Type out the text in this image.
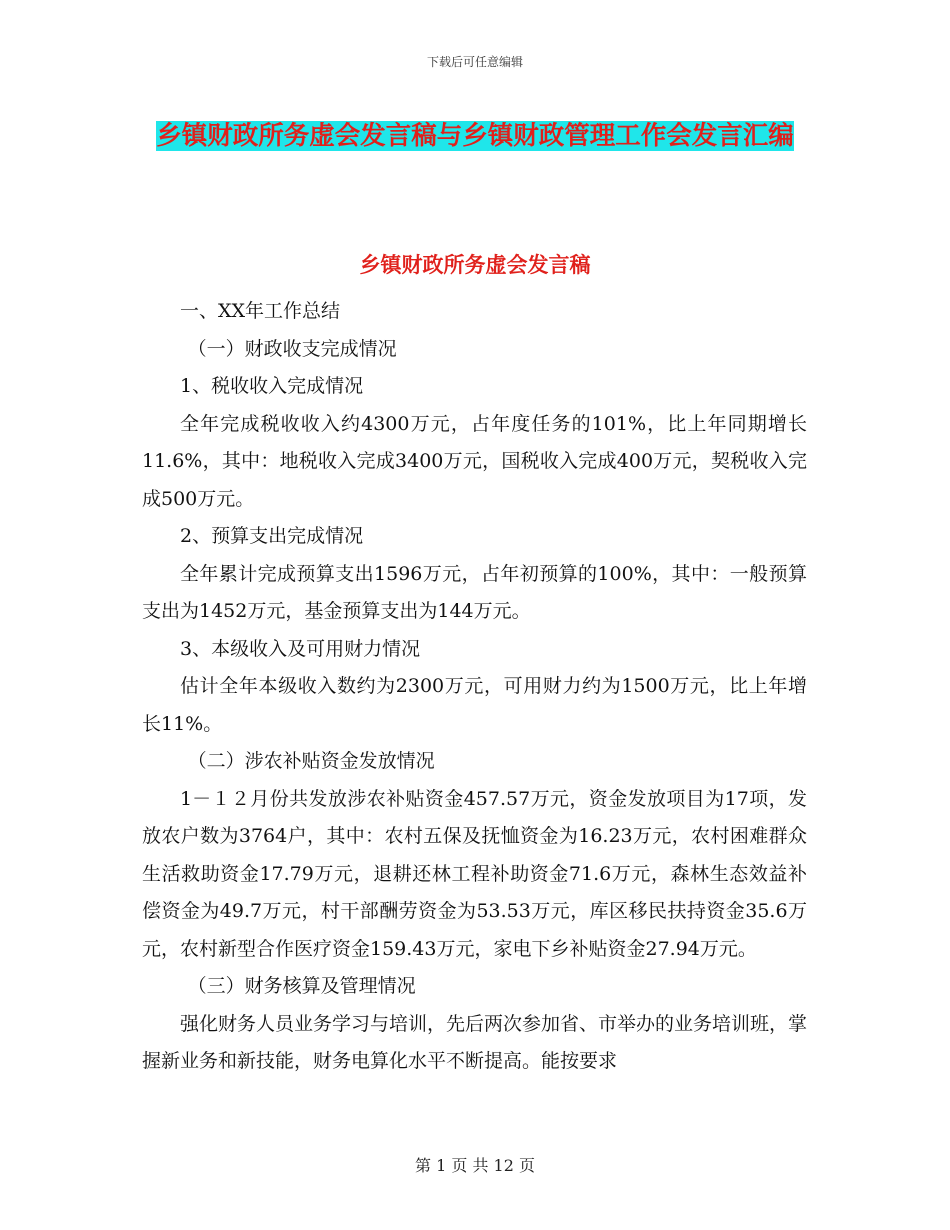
下载后可任意编辑
乡镇财政所务虚会发言稿与乡镇财政管理工作会发言汇编
乡镇财政所务虚会发言稿

一、XX年工作总结

（一）财政收支完成情况

1、税收收入完成情况

全年完成税收收入约4300万元，占年度任务的101%，比上年同期增长11.6%，其中：地税收入完成3400万元，国税收入完成400万元，契税收入完成500万元。

2、预算支出完成情况

全年累计完成预算支出1596万元，占年初预算的100%，其中：一般预算支出为1452万元，基金预算支出为144万元。

3、本级收入及可用财力情况

估计全年本级收入数约为2300万元，可用财力约为1500万元，比上年增长11%。

（二）涉农补贴资金发放情况

1－１２月份共发放涉农补贴资金457.57万元，资金发放项目为17项，发放农户数为3764户，其中：农村五保及抚恤资金为16.23万元，农村困难群众生活救助资金17.79万元，退耕还林工程补助资金71.6万元，森林生态效益补偿资金为49.7万元，村干部酬劳资金为53.53万元，库区移民扶持资金35.6万元，农村新型合作医疗资金159.43万元，家电下乡补贴资金27.94万元。

（三）财务核算及管理情况

强化财务人员业务学习与培训，先后两次参加省、市举办的业务培训班，掌握新业务和新技能，财务电算化水平不断提高。能按要求

第 1 页 共 12 页
